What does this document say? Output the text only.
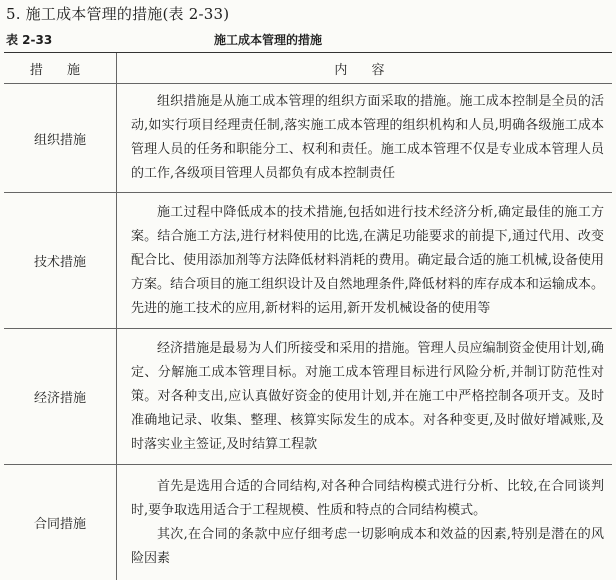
5. 施工成本管理的措施(表 2-33)
表 2-33	施工成本管理的措施
措 施	内 容
组织措施	组织措施是从施工成本管理的组织方面采取的措施。施工成本控制是全员的活动,如实行项目经理责任制,落实施工成本管理的组织机构和人员,明确各级施工成本管理人员的任务和职能分工、权利和责任。施工成本管理不仅是专业成本管理人员的工作,各级项目管理人员都负有成本控制责任

技术措施	施工过程中降低成本的技术措施,包括如进行技术经济分析,确定最佳的施工方案。结合施工方法,进行材料使用的比选,在满足功能要求的前提下,通过代用、改变配合比、使用添加剂等方法降低材料消耗的费用。确定最合适的施工机械,设备使用方案。结合项目的施工组织设计及自然地理条件,降低材料的库存成本和运输成本。先进的施工技术的应用,新材料的运用,新开发机械设备的使用等

经济措施	经济措施是最易为人们所接受和采用的措施。管理人员应编制资金使用计划,确定、分解施工成本管理目标。对施工成本管理目标进行风险分析,并制订防范性对策。对各种支出,应认真做好资金的使用计划,并在施工中严格控制各项开支。及时准确地记录、收集、整理、核算实际发生的成本。对各种变更,及时做好增减账,及时落实业主签证,及时结算工程款

合同措施	首先是选用合适的合同结构,对各种合同结构模式进行分析、比较,在合同谈判时,要争取选用适合于工程规模、性质和特点的合同结构模式。

其次,在合同的条款中应仔细考虑一切影响成本和效益的因素,特别是潜在的风险因素
